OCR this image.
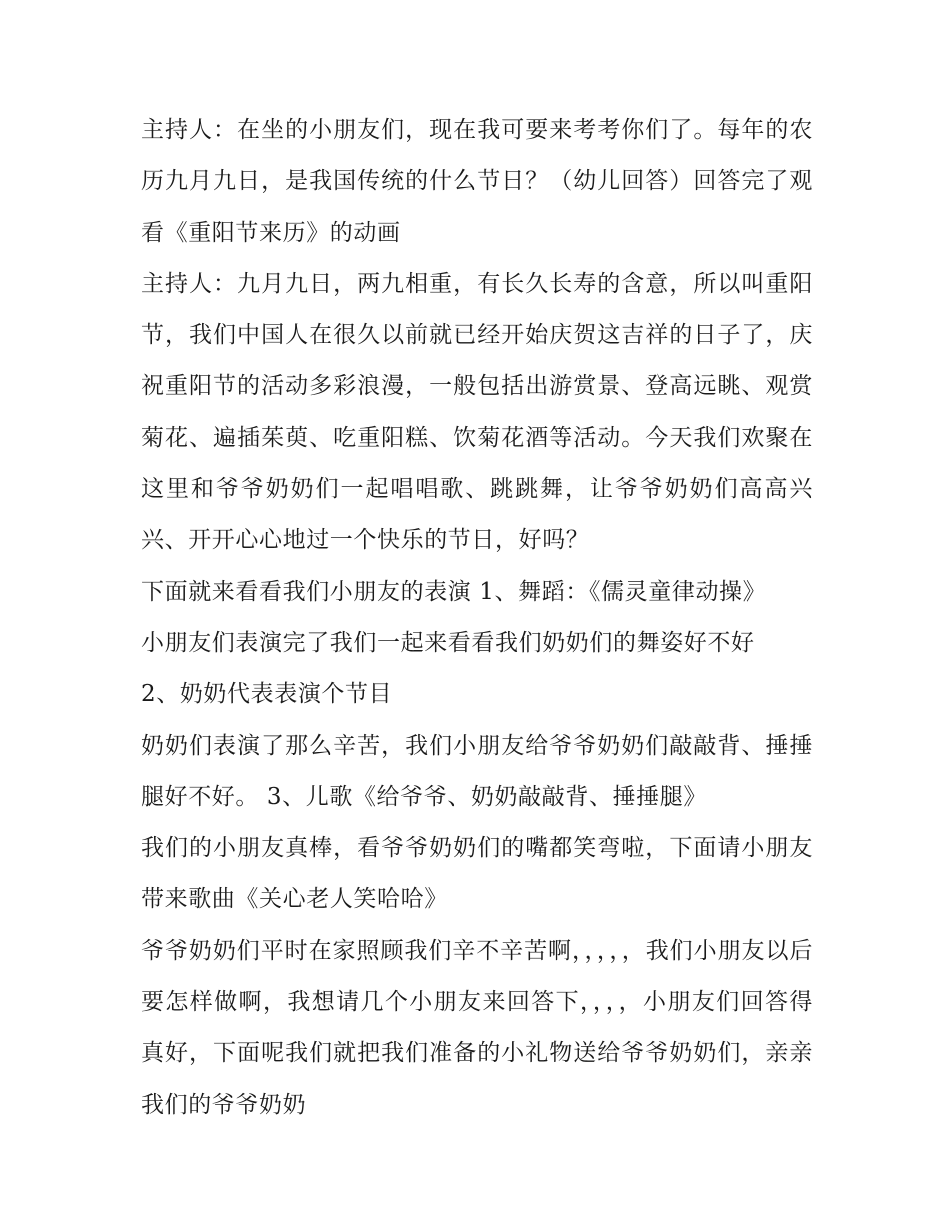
主持人：在坐的小朋友们，现在我可要来考考你们了。每年的农历九月九日，是我国传统的什么节日？（幼儿回答）回答完了观看《重阳节来历》的动画

主持人：九月九日，两九相重，有长久长寿的含意，所以叫重阳节，我们中国人在很久以前就已经开始庆贺这吉祥的日子了，庆祝重阳节的活动多彩浪漫，一般包括出游赏景、登高远眺、观赏菊花、遍插茱萸、吃重阳糕、饮菊花酒等活动。今天我们欢聚在这里和爷爷奶奶们一起唱唱歌、跳跳舞，让爷爷奶奶们高高兴兴、开开心心地过一个快乐的节日，好吗？

下面就来看看我们小朋友的表演 1、舞蹈：《儒灵童律动操》

小朋友们表演完了我们一起来看看我们奶奶们的舞姿好不好

2、奶奶代表表演个节目

奶奶们表演了那么辛苦，我们小朋友给爷爷奶奶们敲敲背、捶捶腿好不好。 3、儿歌《给爷爷、奶奶敲敲背、捶捶腿》

我们的小朋友真棒，看爷爷奶奶们的嘴都笑弯啦，下面请小朋友带来歌曲《关心老人笑哈哈》

爷爷奶奶们平时在家照顾我们辛不辛苦啊，，，，，我们小朋友以后要怎样做啊，我想请几个小朋友来回答下，，，，小朋友们回答得真好，下面呢我们就把我们准备的小礼物送给爷爷奶奶们，亲亲我们的爷爷奶奶
